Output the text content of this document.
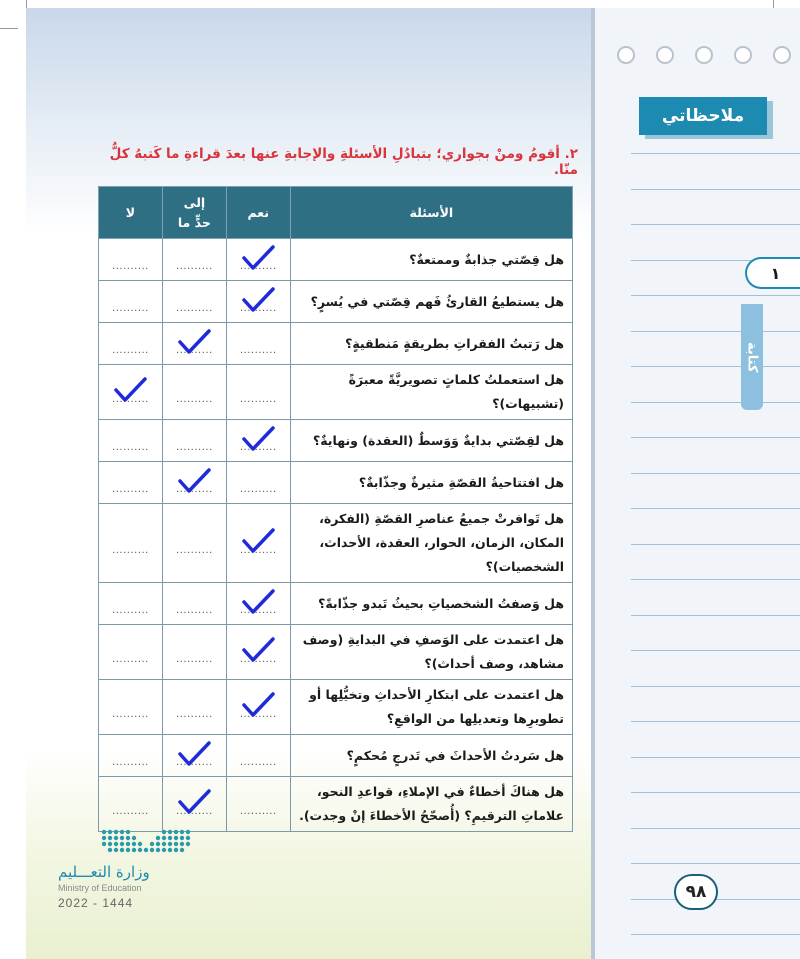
ملاحظاتي
١
كتابة
٩٨
٢. أقومُ ومنْ بجواري؛ بتبادُلِ الأسئلةِ والإجابةِ عنها بعدَ قراءةِ ما كَتبهُ كلٌّ منّا.
الأسئلة	نعم	إلى حدٍّ ما	لا
هل قِصّتي جذابةٌ وممتعةٌ؟	$_{..........}$	$_{..........}$	$_{..........}$
هل يستطيعُ القارئُ فَهم قِصّتي في يُسرٍ؟	$_{..........}$	$_{..........}$	$_{..........}$
هل رَتبتُ الفقراتِ بطريقةٍ مَنطقيةٍ؟	$_{..........}$	$_{..........}$	$_{..........}$
هل استعملتُ كلماتٍ تصويريَّةً معبرَةً (تشبيهات)؟	$_{..........}$	$_{..........}$	$_{..........}$

هل لقِصّتي بدايةٌ وَوَسطٌ (العقدة) ونهايةٌ؟	$_{..........}$	$_{..........}$	$_{..........}$
هل افتتاحيةُ القصّةِ مثيرةٌ وجذّابةٌ؟	$_{..........}$	$_{..........}$	$_{..........}$
هل تَوافرتْ جميعُ عناصرِ القصّةِ (الفكرة، المكان، الزمان، الحوار، العقدة، الأحداث، الشخصيات)؟	$_{..........}$	$_{..........}$	$_{..........}$
هل وَصفتُ الشخصياتِ بحيثُ تَبدو جذّابةً؟	$_{..........}$	$_{..........}$	$_{..........}$
هل اعتمدت على الوَصفِ في البدايةِ (وصف مشاهد، وصف أحداث)؟	$_{..........}$	$_{..........}$	$_{..........}$
هل اعتمدت على ابتكارِ الأحداثِ وتخيُّلِها أو تطويرِها وتعديلِها من الواقعِ؟	$_{..........}$	$_{..........}$	$_{..........}$
هل سَردتُ الأحداثَ في تَدرجٍ مُحكمٍ؟	$_{..........}$	$_{..........}$	$_{..........}$
هل هناكَ أخطاءٌ في الإملاءِ، قواعدِ النحو، علاماتِ الترقيمِ؟ (أُصحّحُ الأخطاءَ إنْ وجدت).	$_{..........}$	$_{..........}$	$_{..........}$
وزارة التعـــليم
Ministry of Education
2022 - 1444
